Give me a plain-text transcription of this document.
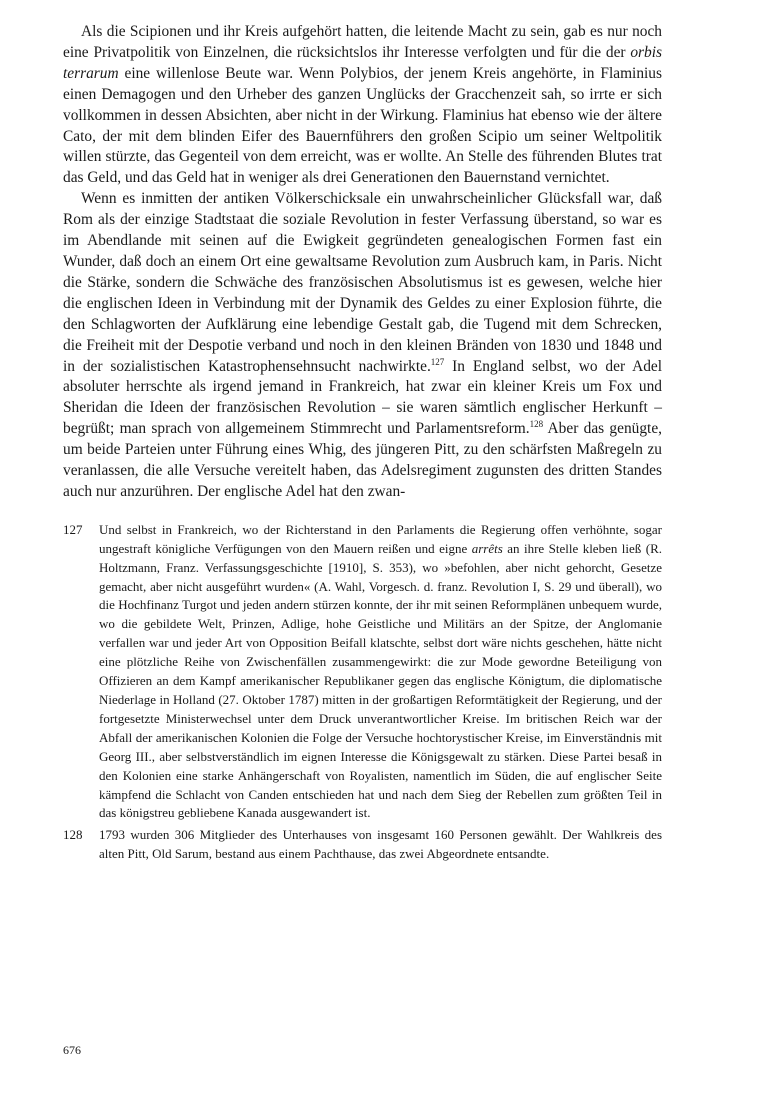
Als die Scipionen und ihr Kreis aufgehört hatten, die leitende Macht zu sein, gab es nur noch eine Privatpolitik von Einzelnen, die rücksichtslos ihr Interesse verfolgten und für die der orbis terrarum eine willenlose Beute war. Wenn Polybios, der jenem Kreis angehörte, in Flaminius einen Demagogen und den Urheber des ganzen Unglücks der Gracchenzeit sah, so irrte er sich vollkommen in dessen Absichten, aber nicht in der Wirkung. Flaminius hat ebenso wie der ältere Cato, der mit dem blinden Eifer des Bauernführers den großen Scipio um seiner Weltpolitik willen stürzte, das Gegenteil von dem erreicht, was er wollte. An Stelle des führenden Blutes trat das Geld, und das Geld hat in weniger als drei Generationen den Bauernstand vernichtet.

Wenn es inmitten der antiken Völkerschicksale ein unwahrscheinlicher Glücksfall war, daß Rom als der einzige Stadtstaat die soziale Revolution in fester Verfassung überstand, so war es im Abendlande mit seinen auf die Ewigkeit gegründeten genealogischen Formen fast ein Wunder, daß doch an einem Ort eine gewaltsame Revolution zum Ausbruch kam, in Paris. Nicht die Stärke, sondern die Schwäche des französischen Absolutismus ist es gewesen, welche hier die englischen Ideen in Verbindung mit der Dynamik des Geldes zu einer Explosion führte, die den Schlagworten der Aufklärung eine lebendige Gestalt gab, die Tugend mit dem Schrecken, die Freiheit mit der Despotie verband und noch in den kleinen Bränden von 1830 und 1848 und in der sozialistischen Katastrophensehnsucht nachwirkte.$^{127}$ In England selbst, wo der Adel absoluter herrschte als irgend jemand in Frankreich, hat zwar ein kleiner Kreis um Fox und Sheridan die Ideen der französischen Revolution – sie waren sämtlich englischer Herkunft – begrüßt; man sprach von allgemeinem Stimmrecht und Parlamentsreform.$^{128}$ Aber das genügte, um beide Parteien unter Führung eines Whig, des jüngeren Pitt, zu den schärfsten Maßregeln zu veranlassen, die alle Versuche vereitelt haben, das Adelsregiment zugunsten des dritten Standes auch nur anzurühren. Der englische Adel hat den zwan-

127 Und selbst in Frankreich, wo der Richterstand in den Parlaments die Regierung offen verhöhnte, sogar ungestraft königliche Verfügungen von den Mauern reißen und eigne arrêts an ihre Stelle kleben ließ (R. Holtzmann, Franz. Verfassungsgeschichte [1910], S. 353), wo »befohlen, aber nicht gehorcht, Gesetze gemacht, aber nicht ausgeführt wurden« (A. Wahl, Vorgesch. d. franz. Revolution I, S. 29 und überall), wo die Hochfinanz Turgot und jeden andern stürzen konnte, der ihr mit seinen Reformplänen unbequem wurde, wo die gebildete Welt, Prinzen, Adlige, hohe Geistliche und Militärs an der Spitze, der Anglomanie verfallen war und jeder Art von Opposition Beifall klatschte, selbst dort wäre nichts geschehen, hätte nicht eine plötzliche Reihe von Zwischenfällen zusammengewirkt: die zur Mode gewordne Beteiligung von Offizieren an dem Kampf amerikanischer Republikaner gegen das englische Königtum, die diplomatische Niederlage in Holland (27. Oktober 1787) mitten in der großartigen Reformtätigkeit der Regierung, und der fortgesetzte Ministerwechsel unter dem Druck unverantwortlicher Kreise. Im britischen Reich war der Abfall der amerikanischen Kolonien die Folge der Versuche hochtorystischer Kreise, im Einverständnis mit Georg III., aber selbstverständlich im eignen Interesse die Königsgewalt zu stärken. Diese Partei besaß in den Kolonien eine starke Anhängerschaft von Royalisten, namentlich im Süden, die auf englischer Seite kämpfend die Schlacht von Canden entschieden hat und nach dem Sieg der Rebellen zum größten Teil in das königstreu gebliebene Kanada ausgewandert ist.
128 1793 wurden 306 Mitglieder des Unterhauses von insgesamt 160 Personen gewählt. Der Wahlkreis des alten Pitt, Old Sarum, bestand aus einem Pachthause, das zwei Abgeordnete entsandte.
676
